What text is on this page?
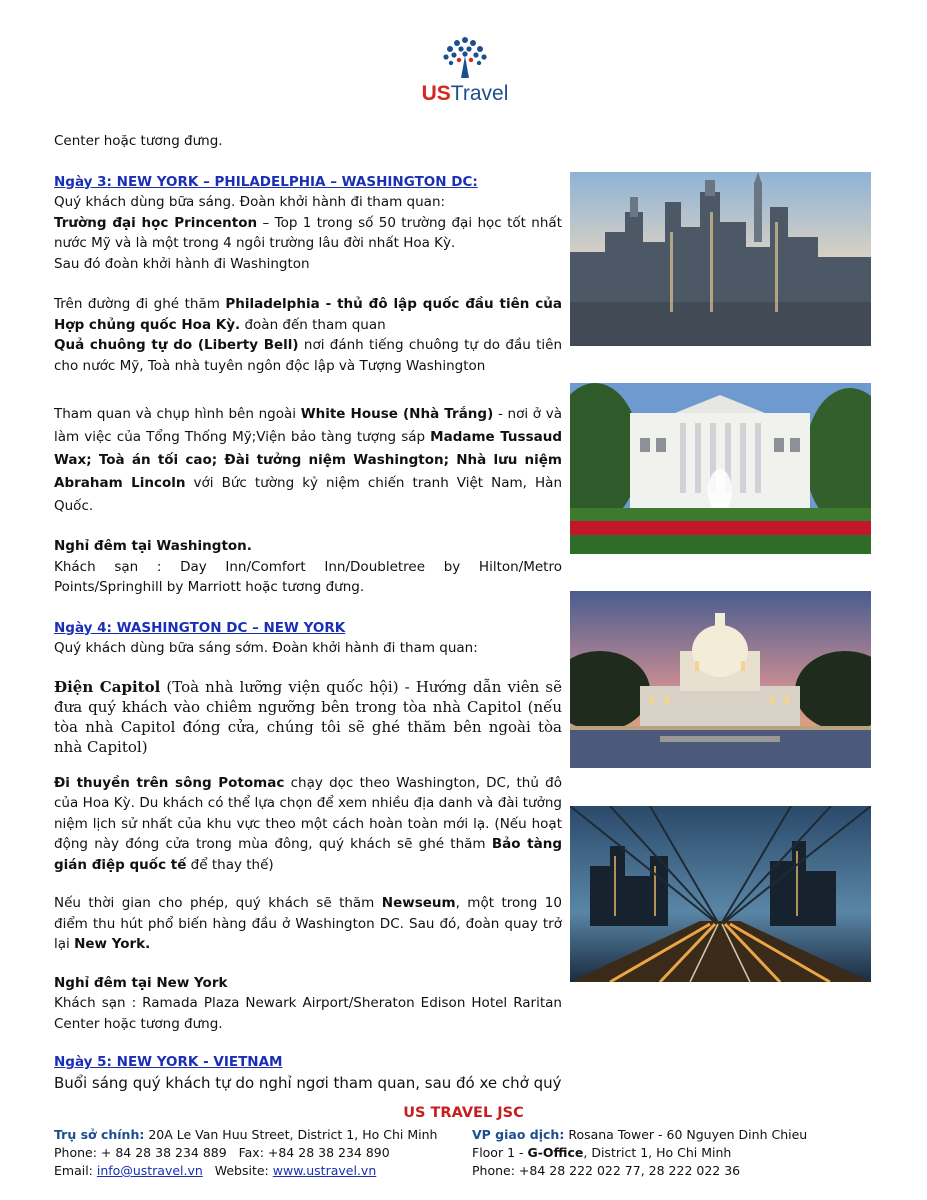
USTravel

Center hoặc tương đưng.

Ngày 3: NEW YORK – PHILADELPHIA – WASHINGTON DC:

Quý khách dùng bữa sáng. Đoàn khởi hành đi tham quan:

Trường đại học Princenton – Top 1 trong số 50 trường đại học tốt nhất nước Mỹ và là một trong 4 ngôi trường lâu đời nhất Hoa Kỳ.

Sau đó đoàn khởi hành đi Washington

Trên đường đi ghé thăm Philadelphia - thủ đô lập quốc đầu tiên của Hợp chủng quốc Hoa Kỳ. đoàn đến tham quan

Quả chuông tự do (Liberty Bell) nơi đánh tiếng chuông tự do đầu tiên cho nước Mỹ, Toà nhà tuyên ngôn độc lập và Tượng Washington

Tham quan và chụp hình bên ngoài White House (Nhà Trắng) - nơi ở và làm việc của Tổng Thống Mỹ;Viện bảo tàng tượng sáp Madame Tussaud Wax; Toà án tối cao; Đài tưởng niệm Washington; Nhà lưu niệm Abraham Lincoln với Bức tường kỷ niệm chiến tranh Việt Nam, Hàn Quốc.

Nghỉ đêm tại Washington.

Khách sạn : Day Inn/Comfort Inn/Doubletree by Hilton/Metro Points/Springhill by Marriott hoặc tương đưng.

Ngày 4: WASHINGTON DC – NEW YORK

Quý khách dùng bữa sáng sớm. Đoàn khởi hành đi tham quan:

Điện Capitol (Toà nhà lưỡng viện quốc hội) - Hướng dẫn viên sẽ đưa quý khách vào chiêm ngưỡng bên trong tòa nhà Capitol (nếu tòa nhà Capitol đóng cửa, chúng tôi sẽ ghé thăm bên ngoài tòa nhà Capitol)

Đi thuyền trên sông Potomac chạy dọc theo Washington, DC, thủ đô của Hoa Kỳ. Du khách có thể lựa chọn để xem nhiều địa danh và đài tưởng niệm lịch sử nhất của khu vực theo một cách hoàn toàn mới lạ. (Nếu hoạt động này đóng cửa trong mùa đông, quý khách sẽ ghé thăm Bảo tàng gián điệp quốc tế để thay thế)

Nếu thời gian cho phép, quý khách sẽ thăm Newseum, một trong 10 điểm thu hút phổ biến hàng đầu ở Washington DC. Sau đó, đoàn quay trở lại New York.

Nghỉ đêm tại New York

Khách sạn : Ramada Plaza Newark Airport/Sheraton Edison Hotel Raritan Center hoặc tương đưng.

Ngày 5: NEW YORK - VIETNAM

Buổi sáng quý khách tự do nghỉ ngơi tham quan, sau đó xe chở quý

US TRAVEL JSC
Trụ sở chính: 20A Le Van Huu Street, District 1, Ho Chi Minh
Phone: + 84 28 38 234 889   Fax: +84 28 38 234 890
Email: info@ustravel.vn   Website: www.ustravel.vn
VP giao dịch: Rosana Tower - 60 Nguyen Dinh Chieu
Floor 1 - G-Office, District 1, Ho Chi Minh
Phone: +84 28 222 022 77, 28 222 022 36
